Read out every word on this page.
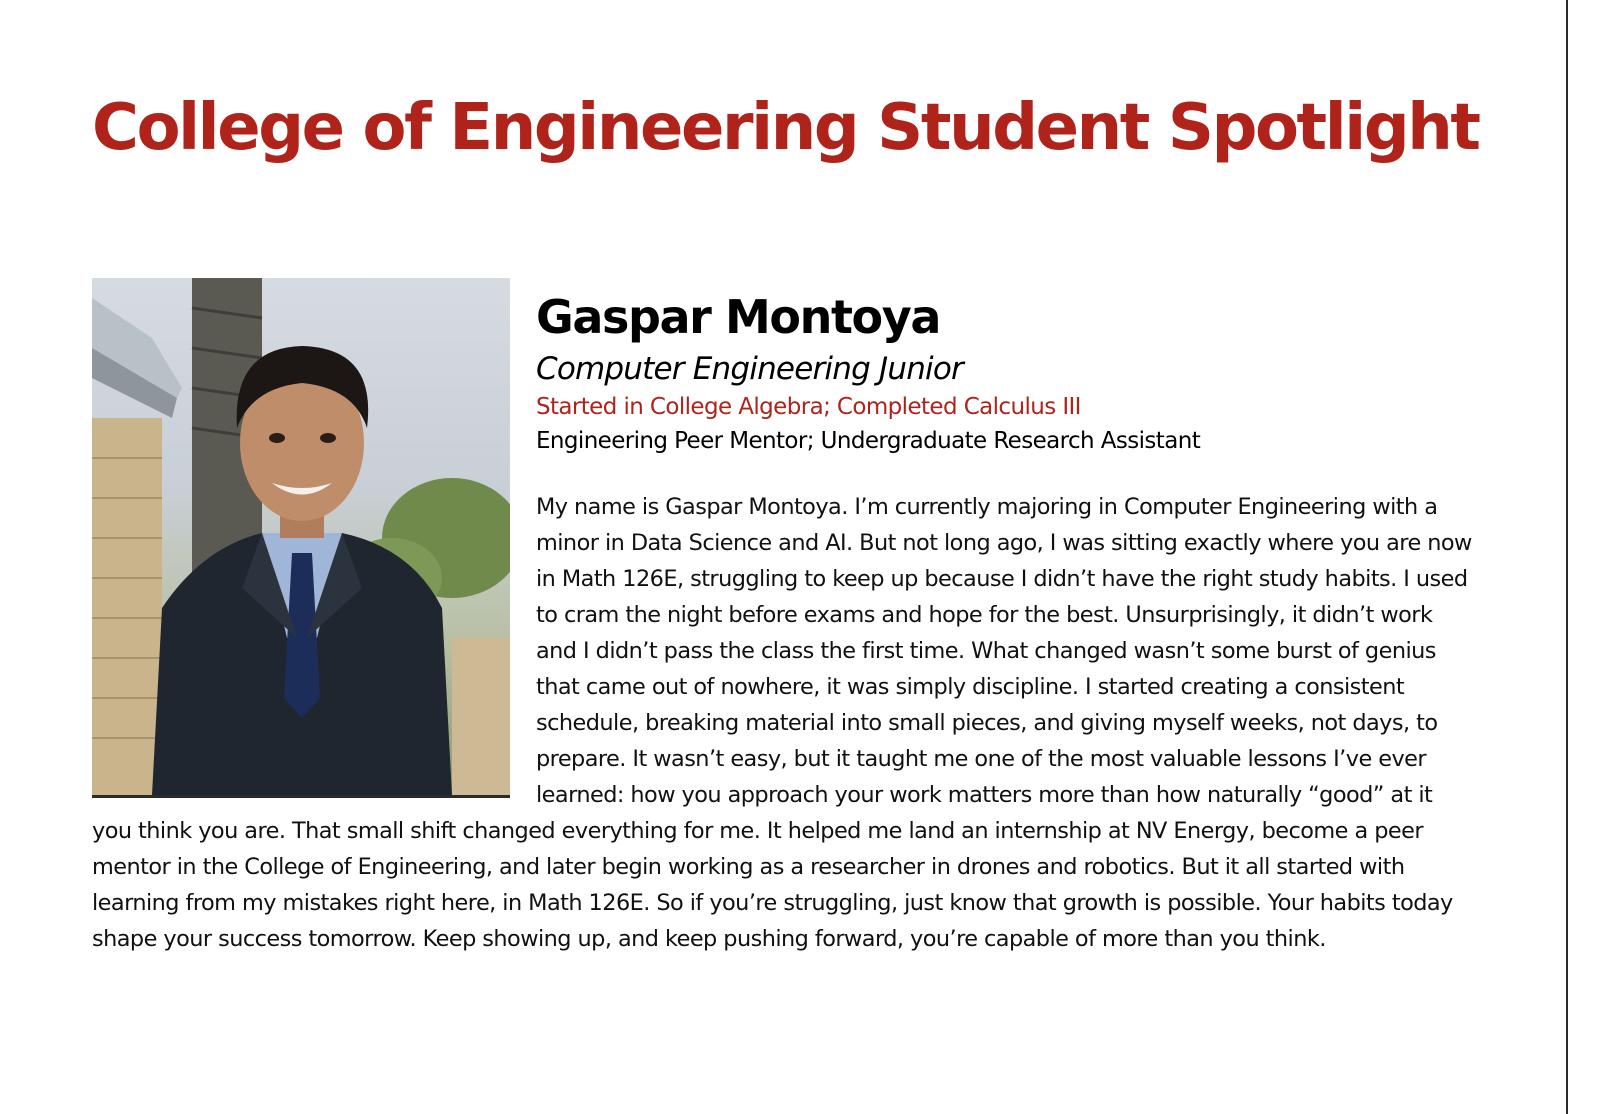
College of Engineering Student Spotlight
Gaspar Montoya

Computer Engineering Junior

Started in College Algebra; Completed Calculus III

Engineering Peer Mentor; Undergraduate Research Assistant

My name is Gaspar Montoya. I’m currently majoring in Computer Engineering with a minor in Data Science and AI. But not long ago, I was sitting exactly where you are now in Math 126E, struggling to keep up because I didn’t have the right study habits. I used to cram the night before exams and hope for the best. Unsurprisingly, it didn’t work and I didn’t pass the class the first time. What changed wasn’t some burst of genius that came out of nowhere, it was simply discipline. I started creating a consistent schedule, breaking material into small pieces, and giving myself weeks, not days, to prepare. It wasn’t easy, but it taught me one of the most valuable lessons I’ve ever learned: how you approach your work matters more than how naturally “good” at it you think you are. That small shift changed everything for me. It helped me land an internship at NV Energy, become a peer mentor in the College of Engineering, and later begin working as a researcher in drones and robotics. But it all started with learning from my mistakes right here, in Math 126E. So if you’re struggling, just know that growth is possible. Your habits today shape your success tomorrow. Keep showing up, and keep pushing forward, you’re capable of more than you think.
